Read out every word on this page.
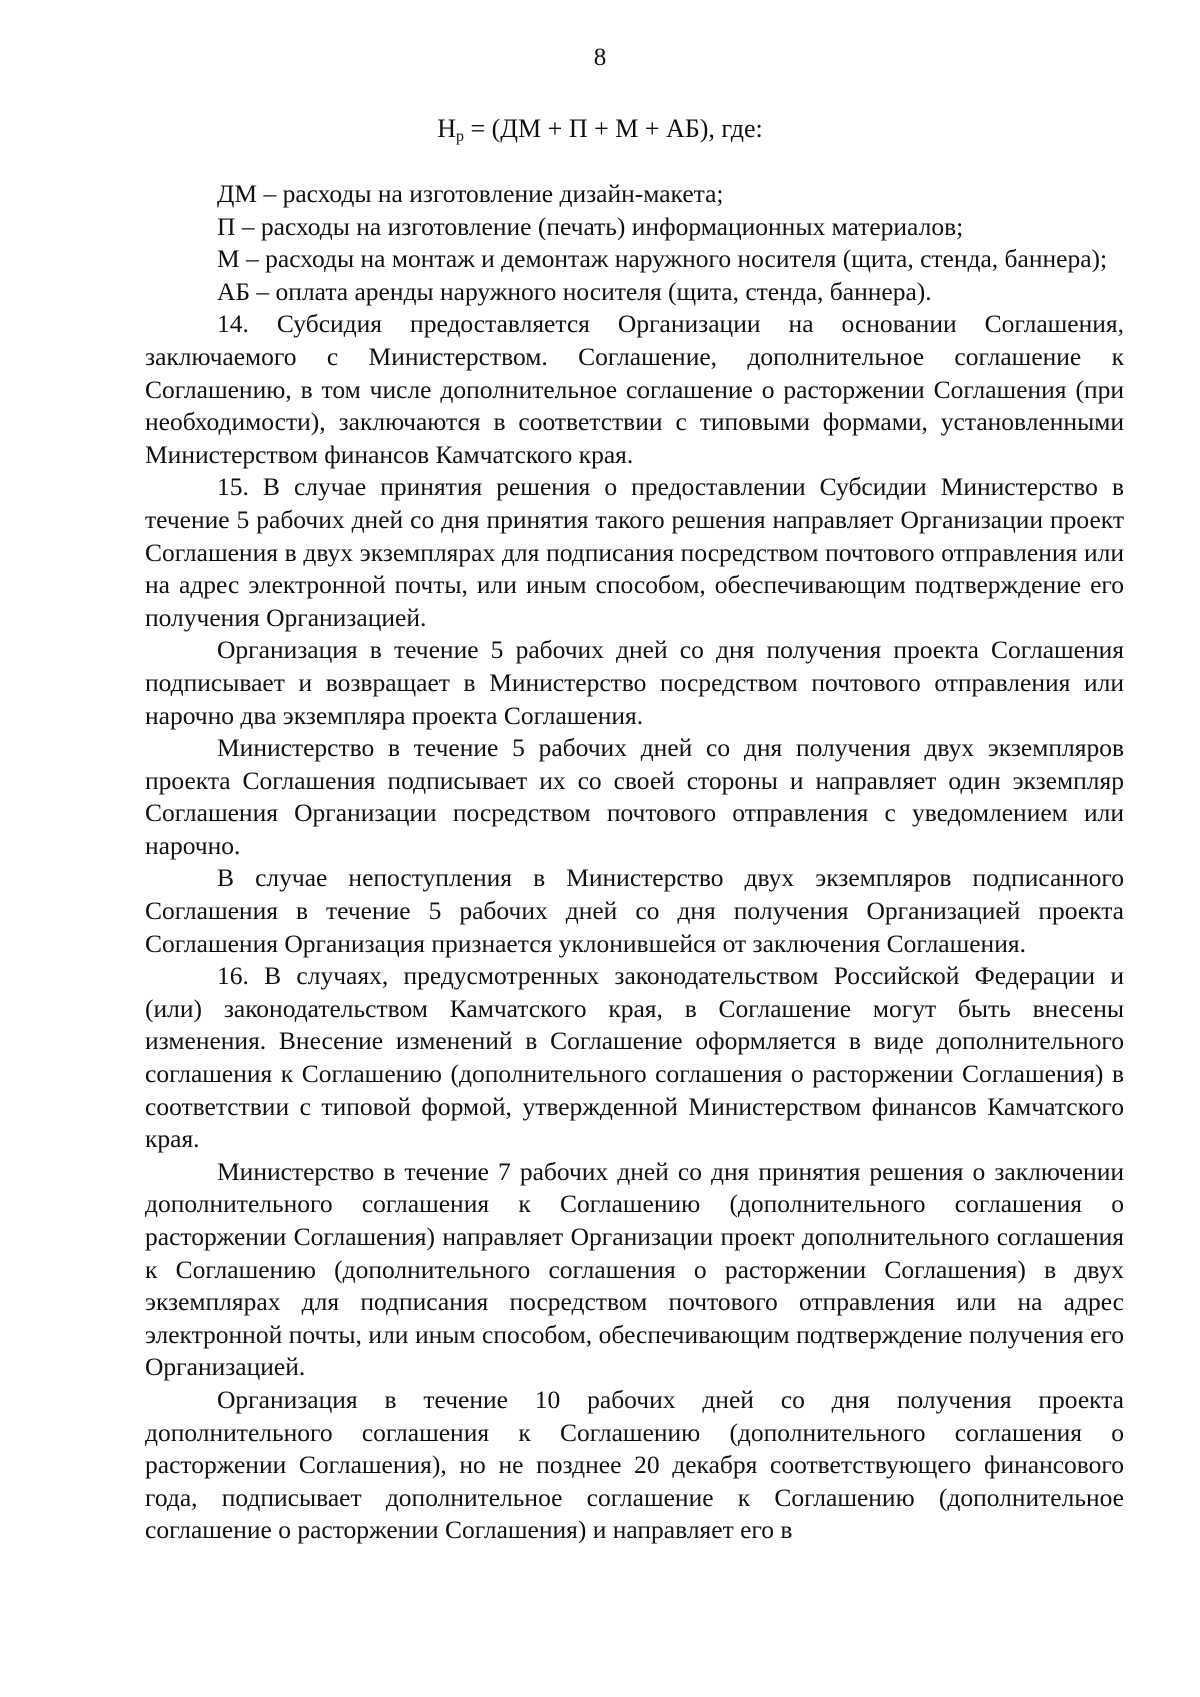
8
$Н_р = (ДМ + П + М + АБ)$, где:

ДМ – расходы на изготовление дизайн-макета;

П – расходы на изготовление (печать) информационных материалов;

М – расходы на монтаж и демонтаж наружного носителя (щита, стенда, баннера);

АБ – оплата аренды наружного носителя (щита, стенда, баннера).

14. Субсидия предоставляется Организации на основании Соглашения, заключаемого с Министерством. Соглашение, дополнительное соглашение к Соглашению, в том числе дополнительное соглашение о расторжении Соглашения (при необходимости), заключаются в соответствии с типовыми формами, установленными Министерством финансов Камчатского края.

15. В случае принятия решения о предоставлении Субсидии Министерство в течение 5 рабочих дней со дня принятия такого решения направляет Организации проект Соглашения в двух экземплярах для подписания посредством почтового отправления или на адрес электронной почты, или иным способом, обеспечивающим подтверждение его получения Организацией.

Организация в течение 5 рабочих дней со дня получения проекта Соглашения подписывает и возвращает в Министерство посредством почтового отправления или нарочно два экземпляра проекта Соглашения.

Министерство в течение 5 рабочих дней со дня получения двух экземпляров проекта Соглашения подписывает их со своей стороны и направляет один экземпляр Соглашения Организации посредством почтового отправления с уведомлением или нарочно.

В случае непоступления в Министерство двух экземпляров подписанного Соглашения в течение 5 рабочих дней со дня получения Организацией проекта Соглашения Организация признается уклонившейся от заключения Соглашения.

16. В случаях, предусмотренных законодательством Российской Федерации и (или) законодательством Камчатского края, в Соглашение могут быть внесены изменения. Внесение изменений в Соглашение оформляется в виде дополнительного соглашения к Соглашению (дополнительного соглашения о расторжении Соглашения) в соответствии с типовой формой, утвержденной Министерством финансов Камчатского края.

Министерство в течение 7 рабочих дней со дня принятия решения о заключении дополнительного соглашения к Соглашению (дополнительного соглашения о расторжении Соглашения) направляет Организации проект дополнительного соглашения к Соглашению (дополнительного соглашения о расторжении Соглашения) в двух экземплярах для подписания посредством почтового отправления или на адрес электронной почты, или иным способом, обеспечивающим подтверждение получения его Организацией.

Организация в течение 10 рабочих дней со дня получения проекта дополнительного соглашения к Соглашению (дополнительного соглашения о расторжении Соглашения), но не позднее 20 декабря соответствующего финансового года, подписывает дополнительное соглашение к Соглашению (дополнительное соглашение о расторжении Соглашения) и направляет его в
